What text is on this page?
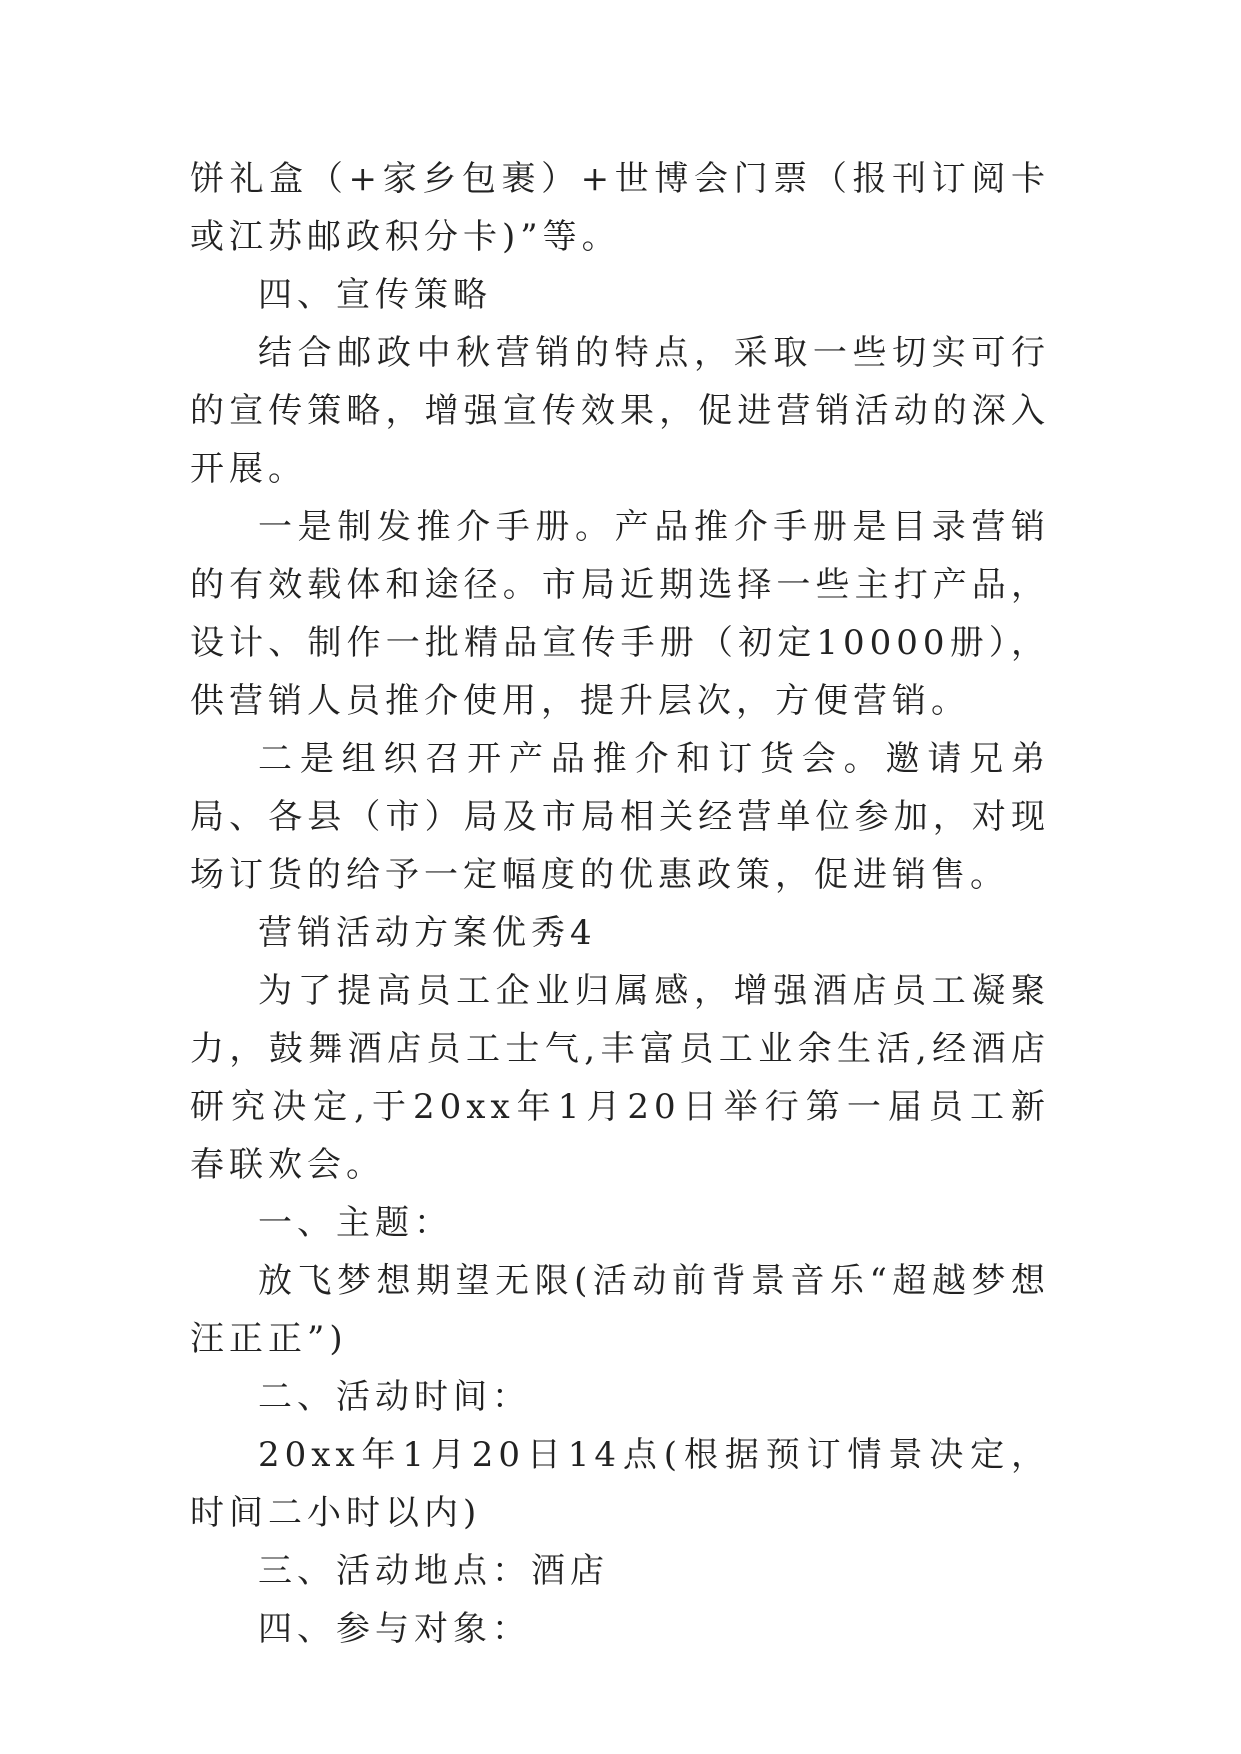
饼礼盒（+家乡包裹）+世博会门票（报刊订阅卡或江苏邮政积分卡)”等。

四、宣传策略

结合邮政中秋营销的特点，采取一些切实可行的宣传策略，增强宣传效果，促进营销活动的深入开展。

一是制发推介手册。产品推介手册是目录营销的有效载体和途径。市局近期选择一些主打产品，设计、制作一批精品宣传手册（初定10000册），供营销人员推介使用，提升层次，方便营销。

二是组织召开产品推介和订货会。邀请兄弟局、各县（市）局及市局相关经营单位参加，对现场订货的给予一定幅度的优惠政策，促进销售。

营销活动方案优秀4

为了提高员工企业归属感，增强酒店员工凝聚力，鼓舞酒店员工士气,丰富员工业余生活,经酒店研究决定,于20xx年1月20日举行第一届员工新春联欢会。

一、主题：

放飞梦想期望无限(活动前背景音乐“超越梦想汪正正”)

二、活动时间：

20xx年1月20日14点(根据预订情景决定，时间二小时以内)

三、活动地点：酒店

四、参与对象：
